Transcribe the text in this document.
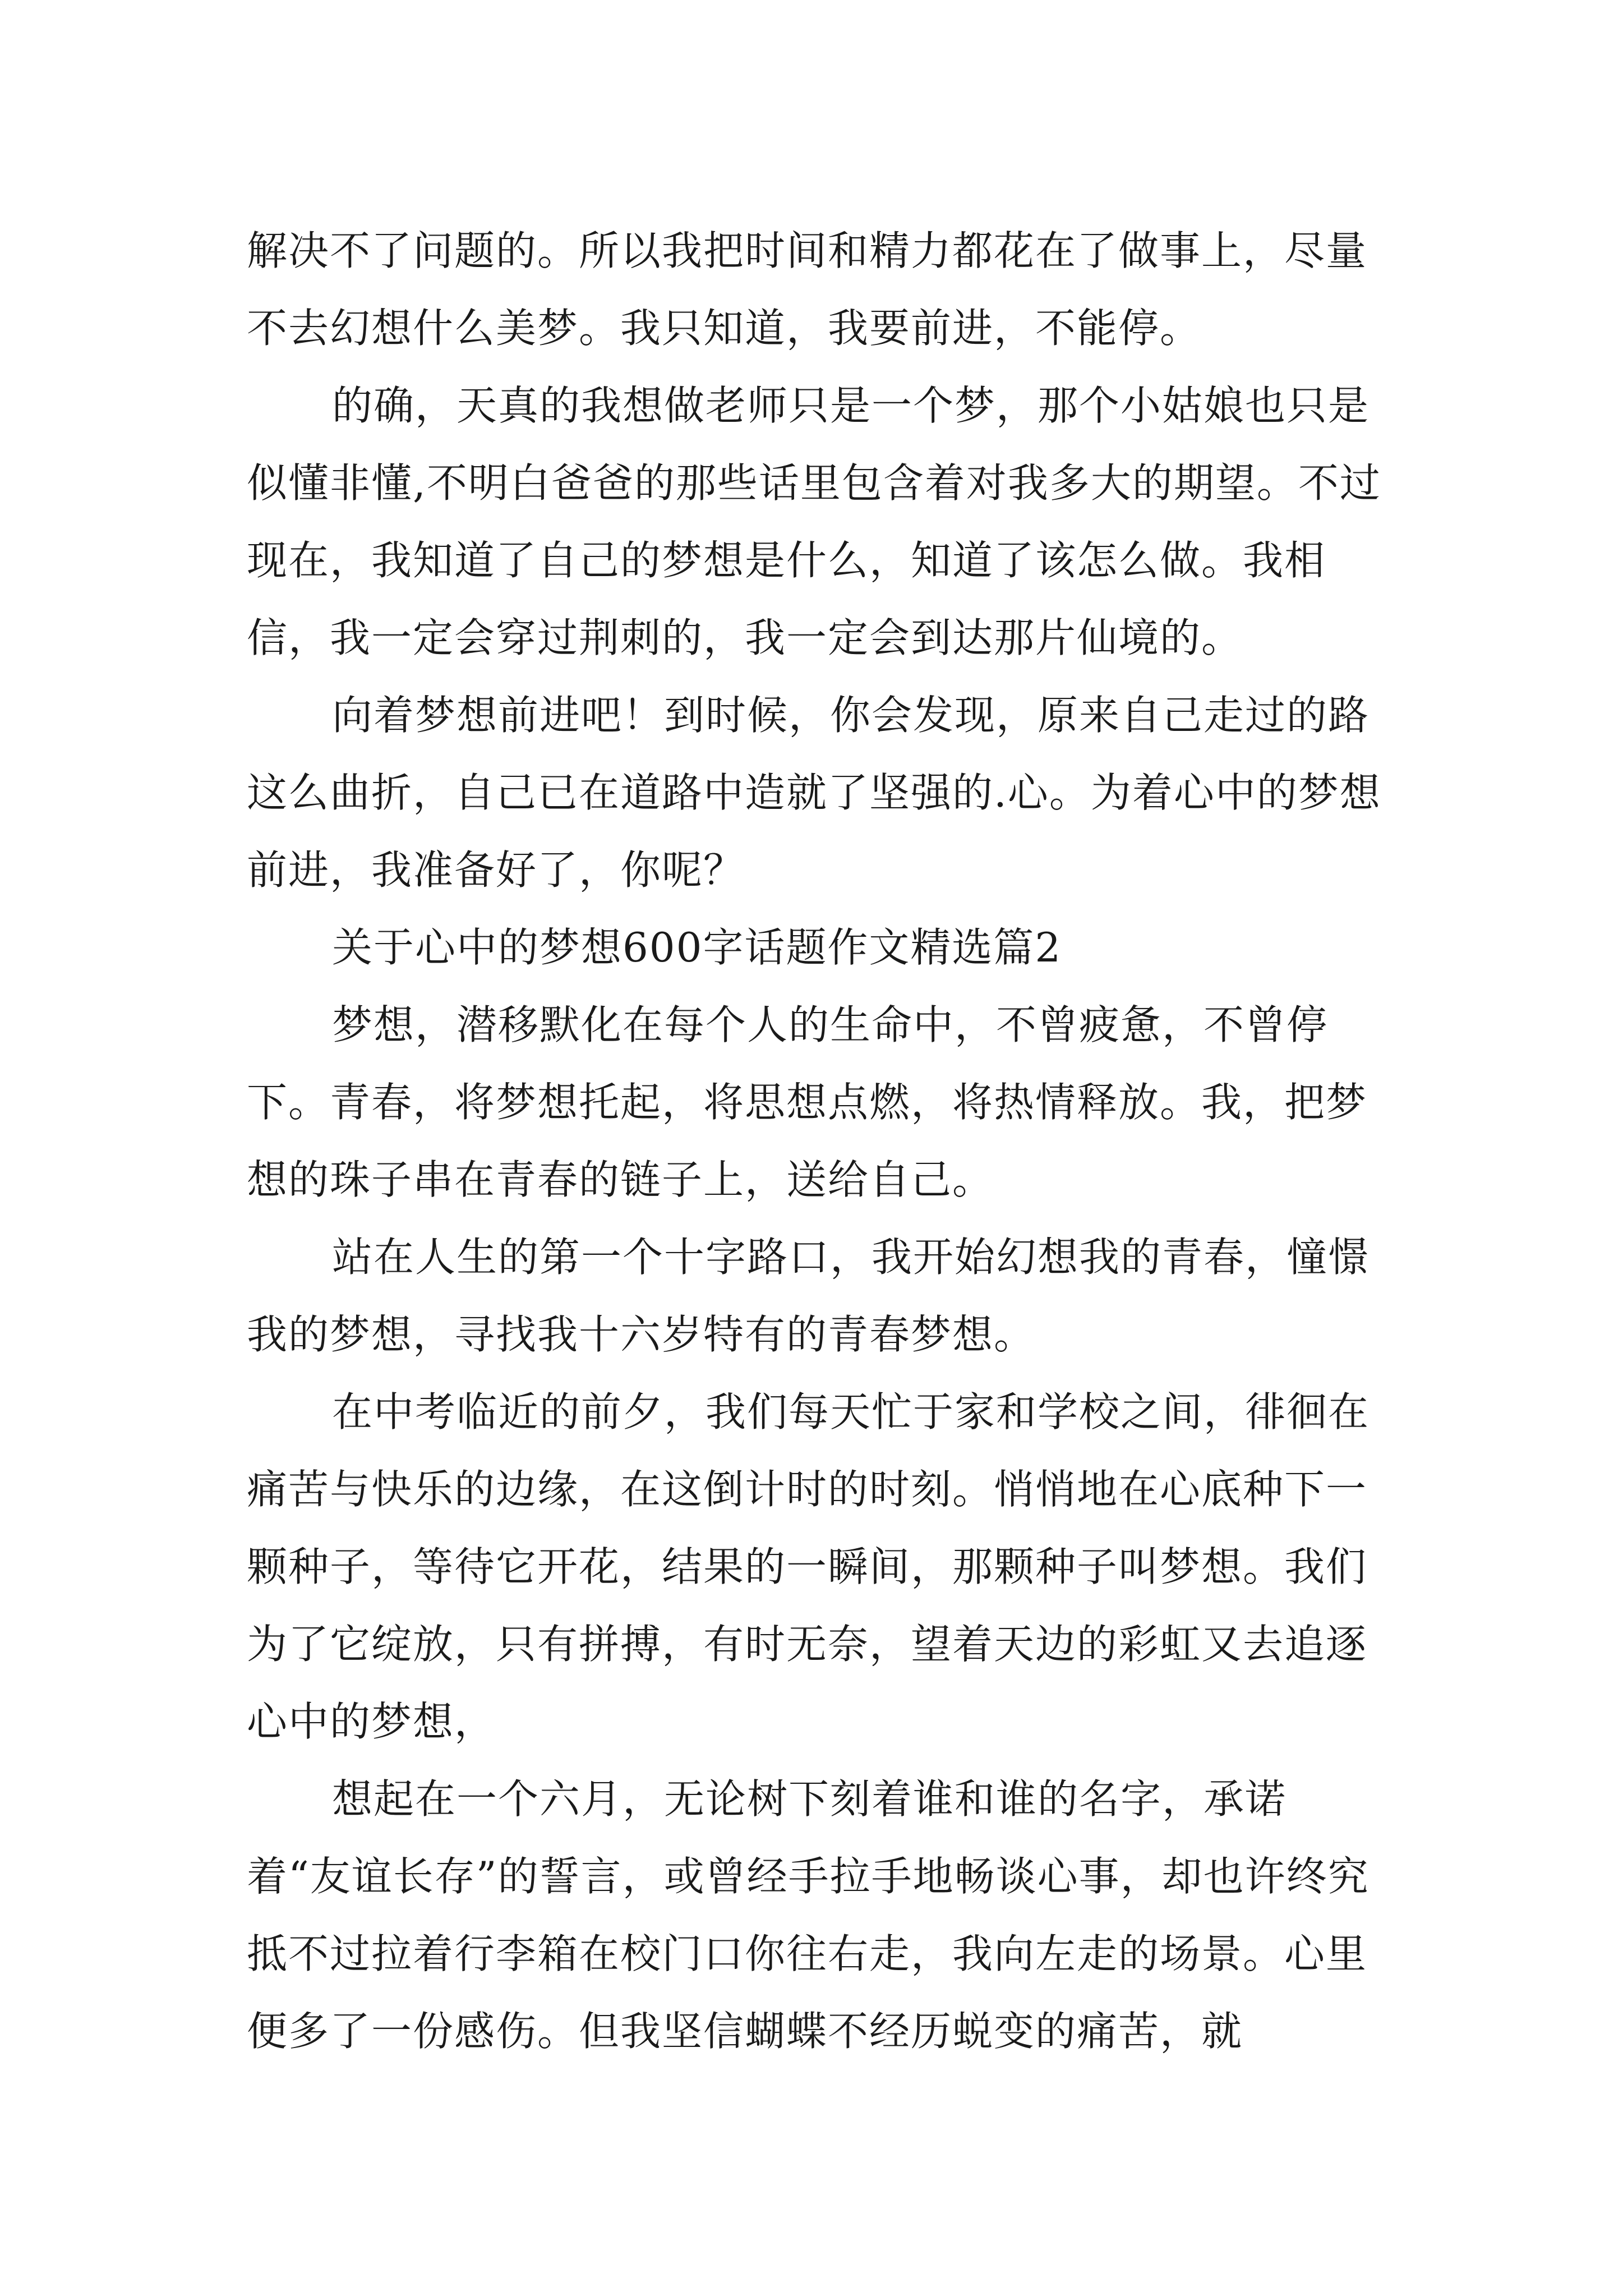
解决不了问题的。所以我把时间和精力都花在了做事上，尽量不去幻想什么美梦。我只知道，我要前进，不能停。

的确，天真的我想做老师只是一个梦，那个小姑娘也只是似懂非懂,不明白爸爸的那些话里包含着对我多大的期望。不过现在，我知道了自己的梦想是什么，知道了该怎么做。我相信，我一定会穿过荆刺的，我一定会到达那片仙境的。

向着梦想前进吧！到时候，你会发现，原来自己走过的路这么曲折，自己已在道路中造就了坚强的.心。为着心中的梦想前进，我准备好了，你呢？

关于心中的梦想600字话题作文精选篇2

梦想，潜移默化在每个人的生命中，不曾疲惫，不曾停下。青春，将梦想托起，将思想点燃，将热情释放。我，把梦想的珠子串在青春的链子上，送给自己。

站在人生的第一个十字路口，我开始幻想我的青春，憧憬我的梦想，寻找我十六岁特有的青春梦想。

在中考临近的前夕，我们每天忙于家和学校之间，徘徊在痛苦与快乐的边缘，在这倒计时的时刻。悄悄地在心底种下一颗种子，等待它开花，结果的一瞬间，那颗种子叫梦想。我们为了它绽放，只有拼搏，有时无奈，望着天边的彩虹又去追逐心中的梦想，

想起在一个六月，无论树下刻着谁和谁的名字，承诺着“友谊长存”的誓言，或曾经手拉手地畅谈心事，却也许终究抵不过拉着行李箱在校门口你往右走，我向左走的场景。心里便多了一份感伤。但我坚信蝴蝶不经历蜕变的痛苦，就
